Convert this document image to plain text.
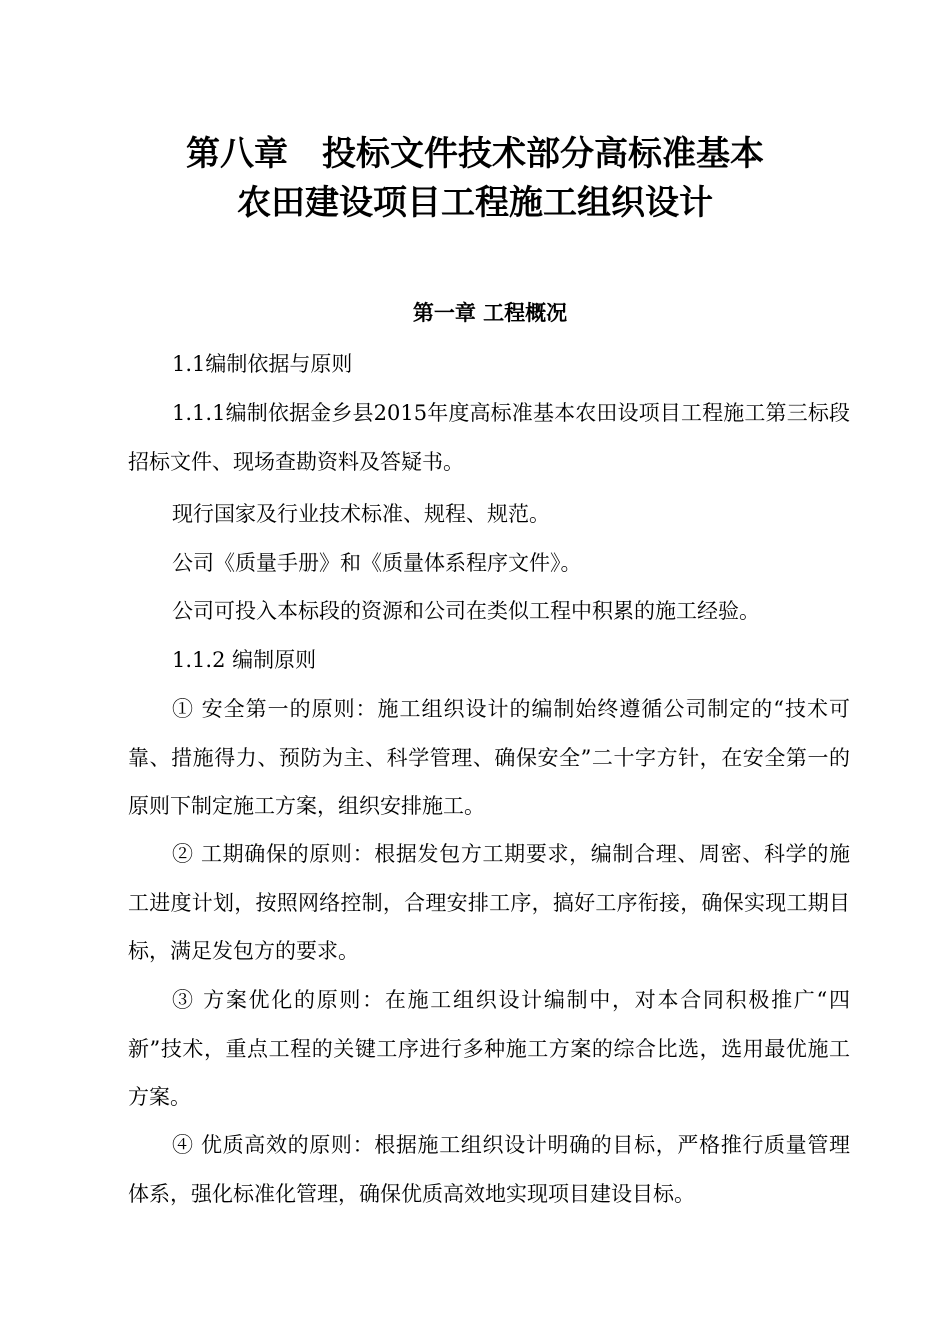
第八章　投标文件技术部分高标准基本
农田建设项目工程施工组织设计
第一章 工程概况

1.1编制依据与原则

1.1.1编制依据金乡县2015年度高标准基本农田设项目工程施工第三标段招标文件、现场查勘资料及答疑书。

现行国家及行业技术标准、规程、规范。

公司《质量手册》和《质量体系程序文件》。

公司可投入本标段的资源和公司在类似工程中积累的施工经验。

1.1.2 编制原则

① 安全第一的原则：施工组织设计的编制始终遵循公司制定的“技术可靠、措施得力、预防为主、科学管理、确保安全”二十字方针，在安全第一的原则下制定施工方案，组织安排施工。

② 工期确保的原则：根据发包方工期要求，编制合理、周密、科学的施工进度计划，按照网络控制，合理安排工序，搞好工序衔接，确保实现工期目标，满足发包方的要求。

③ 方案优化的原则：在施工组织设计编制中，对本合同积极推广“四新”技术，重点工程的关键工序进行多种施工方案的综合比选，选用最优施工方案。

④ 优质高效的原则：根据施工组织设计明确的目标，严格推行质量管理体系，强化标准化管理，确保优质高效地实现项目建设目标。
